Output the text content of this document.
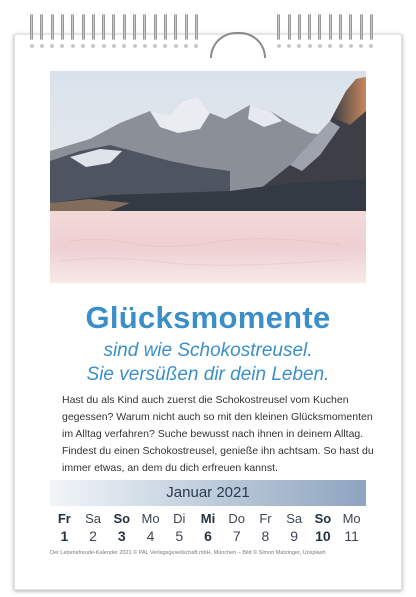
Glücksmomente
sind wie Schokostreusel.
Sie versüßen dir dein Leben.
Hast du als Kind auch zuerst die Schokostreusel vom Kuchen
gegessen? Warum nicht auch so mit den kleinen Glücksmomenten
im Alltag verfahren? Suche bewusst nach ihnen in deinem Alltag.
Findest du einen Schokostreusel, genieße ihn achtsam. So hast du
immer etwas, an dem du dich erfreuen kannst.
Januar 2021
Fr
1
Sa
2
So
3
Mo
4
Di
5
Mi
6
Do
7
Fr
8
Sa
9
So
10
Mo
11
Der Lebensfreude-Kalender 2021 © PAL Verlagsgesellschaft mbH, München – Bild © Simon Matzinger, Unsplash
